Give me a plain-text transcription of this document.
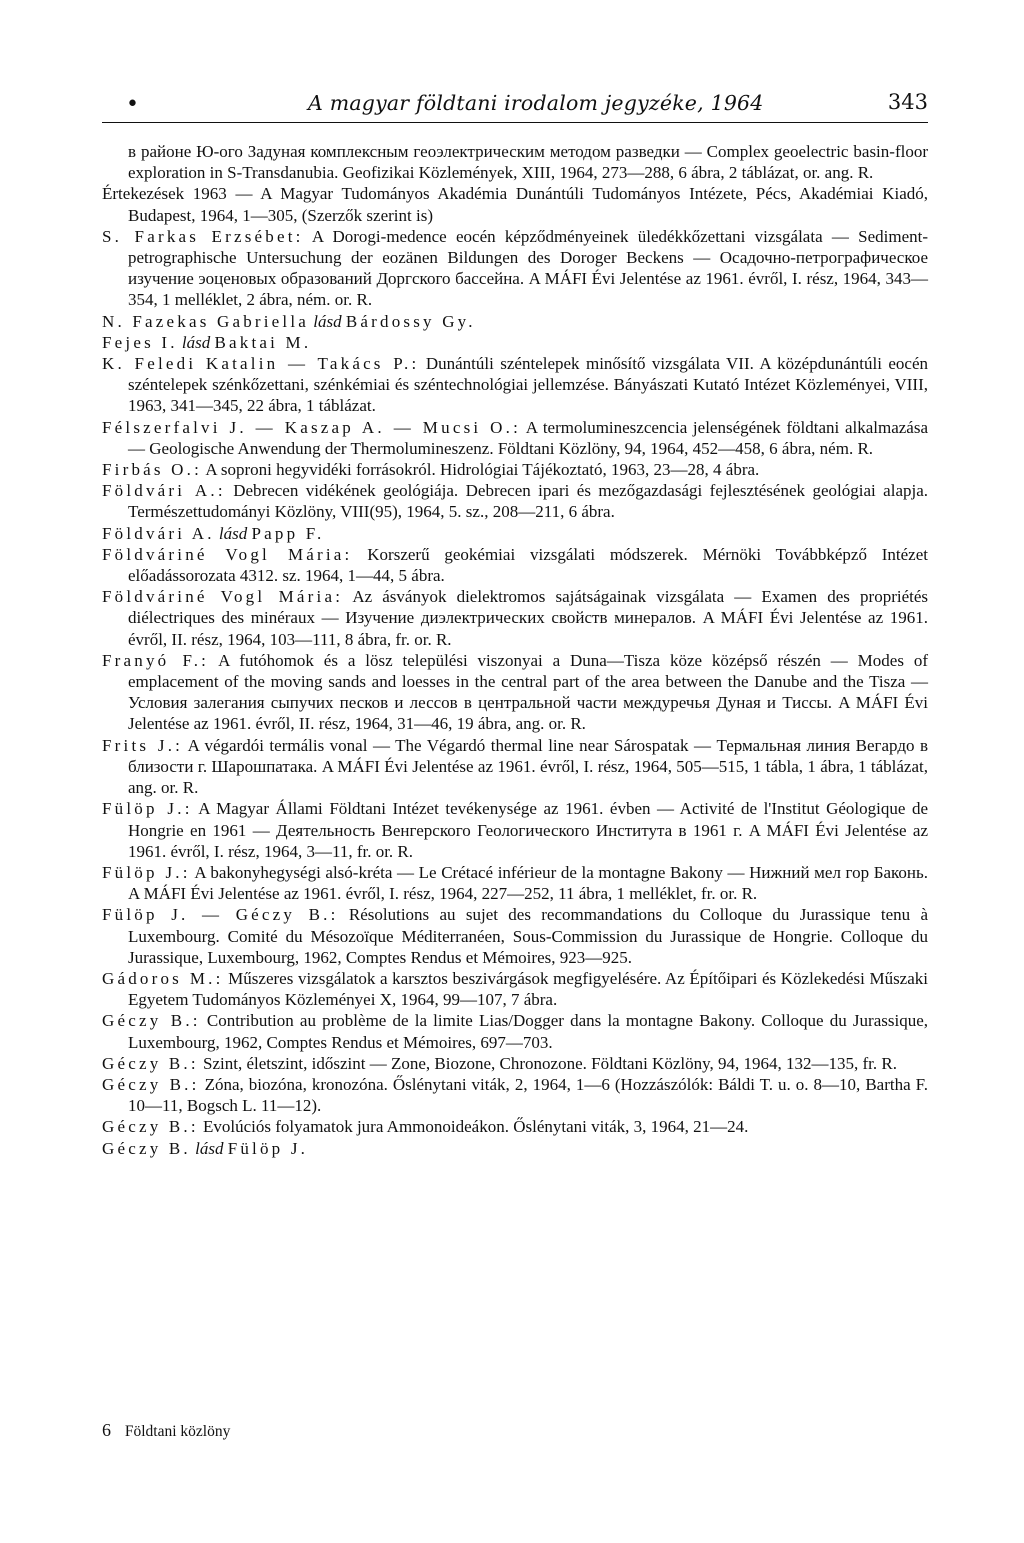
•	A magyar földtani irodalom jegyzéke, 1964	343

в районе Ю-ого Задуная комплексным геоэлектрическим методом разведки — Complex geoelectric basin-floor exploration in S-Transdanubia. Geofizikai Közlemények, XIII, 1964, 273—288, 6 ábra, 2 táblázat, or. ang. R.

Értekezések 1963 — A Magyar Tudományos Akadémia Dunántúli Tudományos Intézete, Pécs, Akadémiai Kiadó, Budapest, 1964, 1—305, (Szerzők szerint is)

S. Farkas Erzsébet: A Dorogi-medence eocén képződményeinek üledékkőzettani vizsgálata — Sediment-petrographische Untersuchung der eozänen Bildungen des Doroger Beckens — Осадочно-петрографическое изучение эоценовых образований Доргского бассейна. A MÁFI Évi Jelentése az 1961. évről, I. rész, 1964, 343—354, 1 melléklet, 2 ábra, ném. or. R.

N. Fazekas Gabriella lásd Bárdossy Gy.

Fejes I. lásd Baktai M.

K. Feledi Katalin — Takács P.: Dunántúli széntelepek minősítő vizsgálata VII. A középdunántúli eocén széntelepek szénkőzettani, szénkémiai és széntechnológiai jellemzése. Bányászati Kutató Intézet Közleményei, VIII, 1963, 341—345, 22 ábra, 1 táblázat.

Félszerfalvi J. — Kaszap A. — Mucsi O.: A termolumineszcencia jelenségének földtani alkalmazása — Geologische Anwendung der Thermolumineszenz. Földtani Közlöny, 94, 1964, 452—458, 6 ábra, ném. R.

Firbás O.: A soproni hegyvidéki forrásokról. Hidrológiai Tájékoztató, 1963, 23—28, 4 ábra.

Földvári A.: Debrecen vidékének geológiája. Debrecen ipari és mezőgazdasági fejlesztésének geológiai alapja. Természettudományi Közlöny, VIII(95), 1964, 5. sz., 208—211, 6 ábra.

Földvári A. lásd Papp F.

Földváriné Vogl Mária: Korszerű geokémiai vizsgálati módszerek. Mérnöki Továbbképző Intézet előadássorozata 4312. sz. 1964, 1—44, 5 ábra.

Földváriné Vogl Mária: Az ásványok dielektromos sajátságainak vizsgálata — Examen des propriétés diélectriques des minéraux — Изучение диэлектрических свойств минералов. A MÁFI Évi Jelentése az 1961. évről, II. rész, 1964, 103—111, 8 ábra, fr. or. R.

Franyó F.: A futóhomok és a lösz települési viszonyai a Duna—Tisza köze középső részén — Modes of emplacement of the moving sands and loesses in the central part of the area between the Danube and the Tisza — Условия залегания сыпучих песков и лессов в центральной части междуречья Дуная и Тиссы. A MÁFI Évi Jelentése az 1961. évről, II. rész, 1964, 31—46, 19 ábra, ang. or. R.

Frits J.: A végardói termális vonal — The Végardó thermal line near Sárospatak — Термальная линия Вегардо в близости г. Шарошпатака. A MÁFI Évi Jelentése az 1961. évről, I. rész, 1964, 505—515, 1 tábla, 1 ábra, 1 táblázat, ang. or. R.

Fülöp J.: A Magyar Állami Földtani Intézet tevékenysége az 1961. évben — Activité de l'Institut Géologique de Hongrie en 1961 — Деятельность Венгерского Геологического Института в 1961 г. A MÁFI Évi Jelentése az 1961. évről, I. rész, 1964, 3—11, fr. or. R.

Fülöp J.: A bakonyhegységi alsó-kréta — Le Crétacé inférieur de la montagne Bakony — Нижний мел гор Баконь. A MÁFI Évi Jelentése az 1961. évről, I. rész, 1964, 227—252, 11 ábra, 1 melléklet, fr. or. R.

Fülöp J. — Géczy B.: Résolutions au sujet des recommandations du Colloque du Jurassique tenu à Luxembourg. Comité du Mésozoïque Méditerranéen, Sous-Commission du Jurassique de Hongrie. Colloque du Jurassique, Luxembourg, 1962, Comptes Rendus et Mémoires, 923—925.

Gádoros M.: Műszeres vizsgálatok a karsztos beszivárgások megfigyelésére. Az Építőipari és Közlekedési Műszaki Egyetem Tudományos Közleményei X, 1964, 99—107, 7 ábra.

Géczy B.: Contribution au problème de la limite Lias/Dogger dans la montagne Bakony. Colloque du Jurassique, Luxembourg, 1962, Comptes Rendus et Mémoires, 697—703.

Géczy B.: Szint, életszint, időszint — Zone, Biozone, Chronozone. Földtani Közlöny, 94, 1964, 132—135, fr. R.

Géczy B.: Zóna, biozóna, kronozóna. Őslénytani viták, 2, 1964, 1—6 (Hozzászólók: Báldi T. u. o. 8—10, Bartha F. 10—11, Bogsch L. 11—12).

Géczy B.: Evolúciós folyamatok jura Ammonoideákon. Őslénytani viták, 3, 1964, 21—24.

Géczy B. lásd Fülöp J.

6 Földtani közlöny
